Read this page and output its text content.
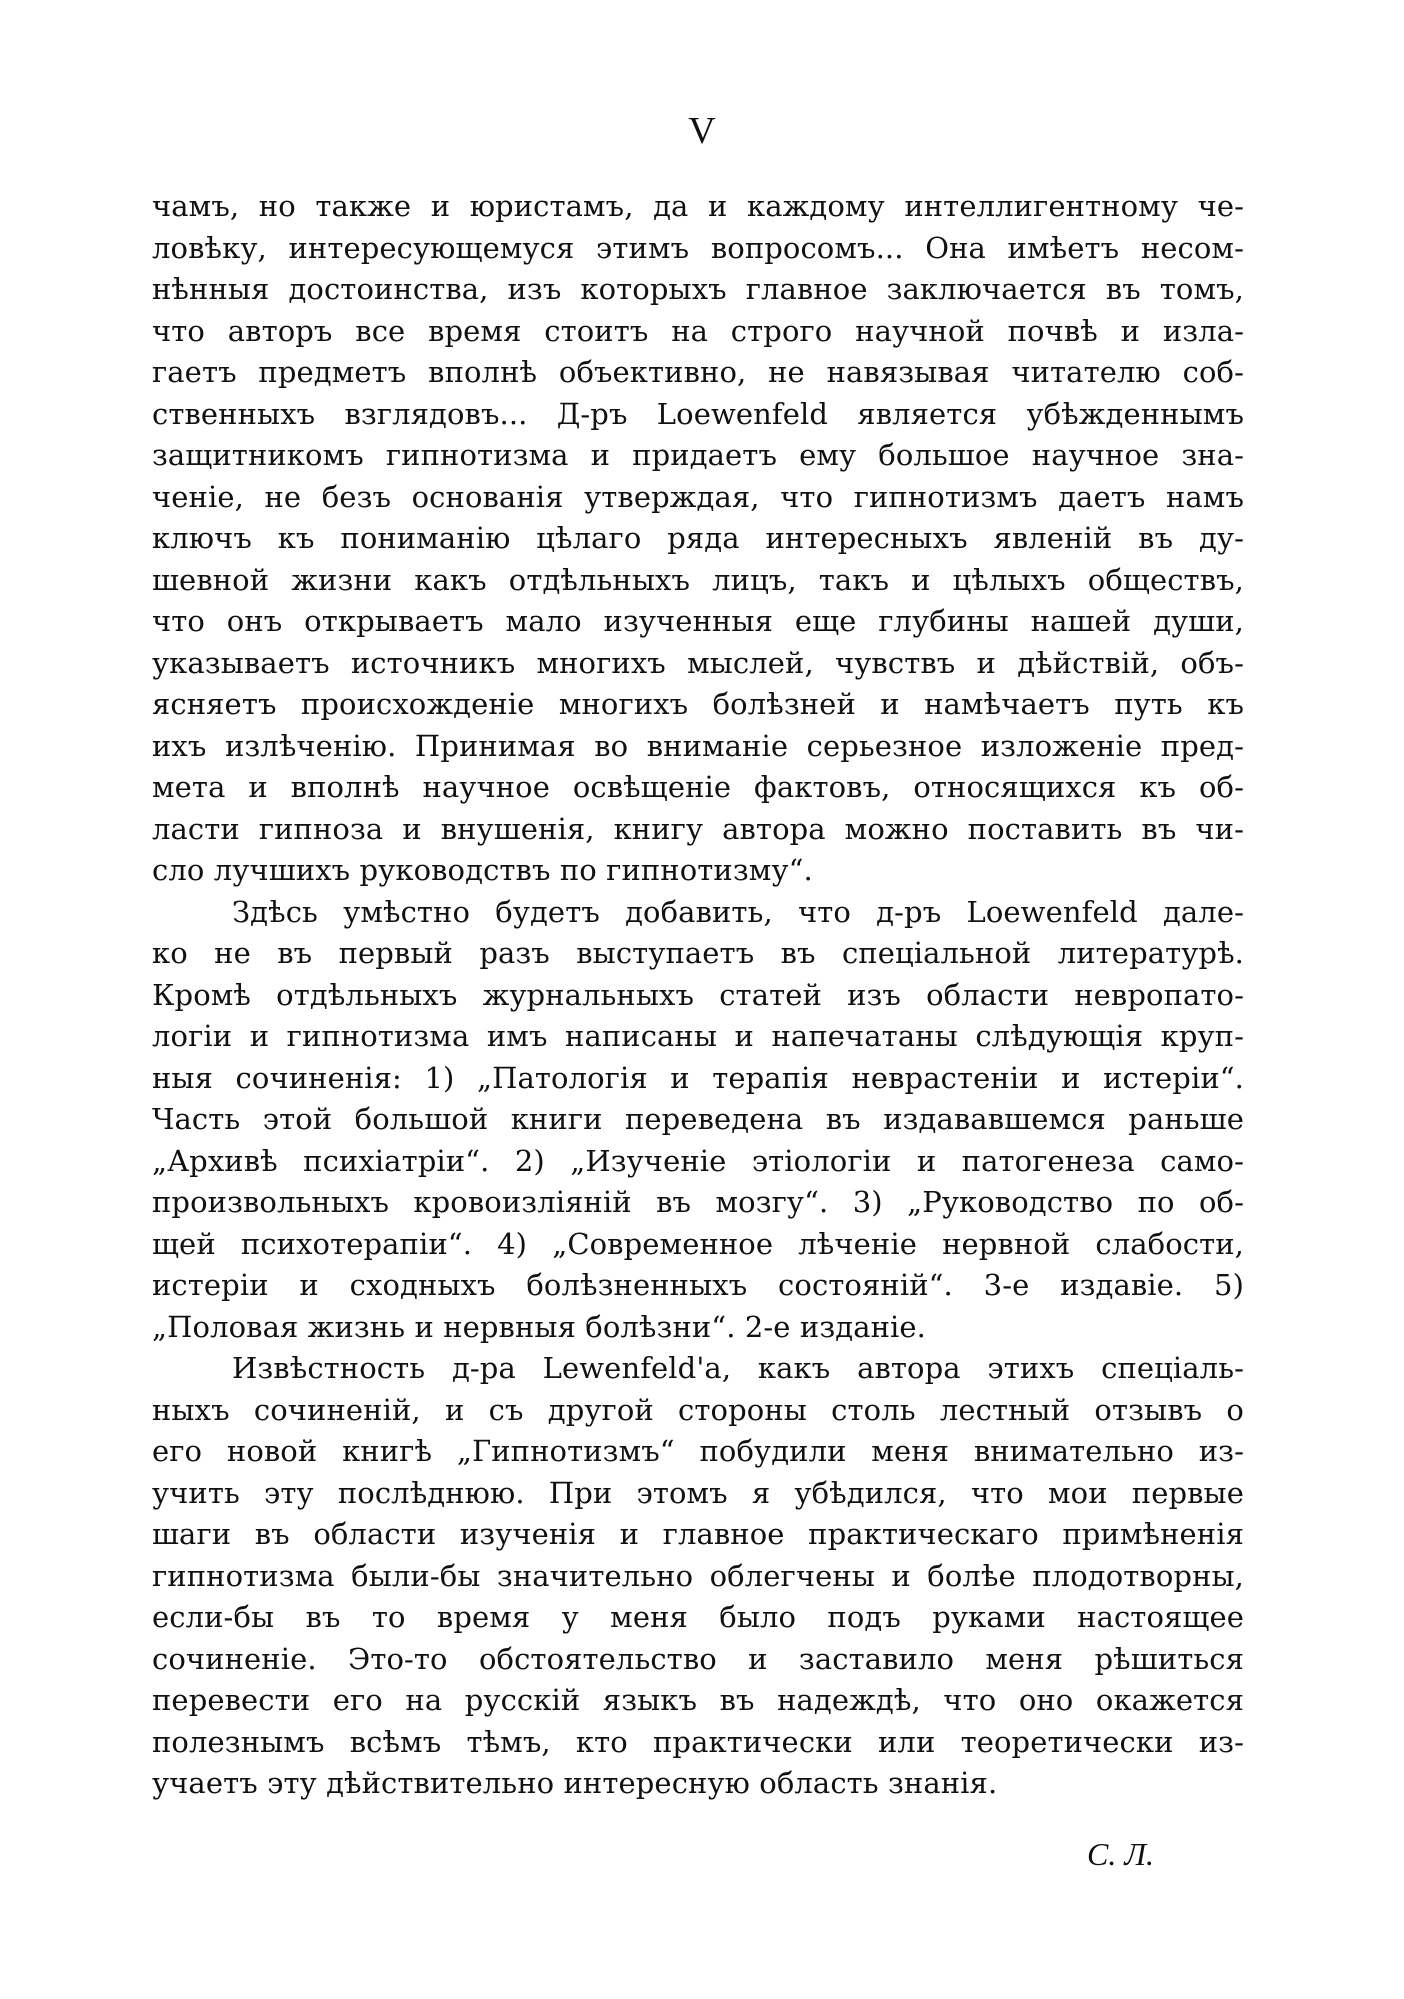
V
чамъ, но также и юристамъ, да и каждому интеллигентному че-
ловѣку, интересующемуся этимъ вопросомъ... Она имѣетъ несом-
нѣнныя достоинства, изъ которыхъ главное заключается въ томъ,
что авторъ все время стоитъ на строго научной почвѣ и изла-
гаетъ предметъ вполнѣ объективно, не навязывая читателю соб-
ственныхъ взглядовъ... Д-ръ Loewenfeld является убѣжденнымъ
защитникомъ гипнотизма и придаетъ ему большое научное зна-
ченіе, не безъ основанія утверждая, что гипнотизмъ даетъ намъ
ключъ къ пониманію цѣлаго ряда интересныхъ явленій въ ду-
шевной жизни какъ отдѣльныхъ лицъ, такъ и цѣлыхъ обществъ,
что онъ открываетъ мало изученныя еще глубины нашей души,
указываетъ источникъ многихъ мыслей, чувствъ и дѣйствій, объ-
ясняетъ происхожденіе многихъ болѣзней и намѣчаетъ путь къ
ихъ излѣченію. Принимая во вниманіе серьезное изложеніе пред-
мета и вполнѣ научное освѣщеніе фактовъ, относящихся къ об-
ласти гипноза и внушенія, книгу автора можно поставить въ чи-
сло лучшихъ руководствъ по гипнотизму“.
Здѣсь умѣстно будетъ добавить, что д-ръ Loewenfeld дале-
ко не въ первый разъ выступаетъ въ спеціальной литературѣ.
Кромѣ отдѣльныхъ журнальныхъ статей изъ области невропато-
логіи и гипнотизма имъ написаны и напечатаны слѣдующія круп-
ныя сочиненія: 1) „Патологія и терапія неврастеніи и истеріи“.
Часть этой большой книги переведена въ издававшемся раньше
„Архивѣ психіатріи“. 2) „Изученіе этіологіи и патогенеза само-
произвольныхъ кровоизліяній въ мозгу“. 3) „Руководство по об-
щей психотерапіи“. 4) „Современное лѣченіе нервной слабости,
истеріи и сходныхъ болѣзненныхъ состояній“. 3-е издавіе. 5)
„Половая жизнь и нервныя болѣзни“. 2-е изданіе.
Извѣстность д-ра Lewenfeld'a, какъ автора этихъ спеціаль-
ныхъ сочиненій, и съ другой стороны столь лестный отзывъ о
его новой книгѣ „Гипнотизмъ“ побудили меня внимательно из-
учить эту послѣднюю. При этомъ я убѣдился, что мои первые
шаги въ области изученія и главное практическаго примѣненія
гипнотизма были-бы значительно облегчены и болѣе плодотворны,
если-бы въ то время у меня было подъ руками настоящее
сочиненіе. Это-то обстоятельство и заставило меня рѣшиться
перевести его на русскій языкъ въ надеждѣ, что оно окажется
полезнымъ всѣмъ тѣмъ, кто практически или теоретически из-
учаетъ эту дѣйствительно интересную область знанія.
С. Л.
